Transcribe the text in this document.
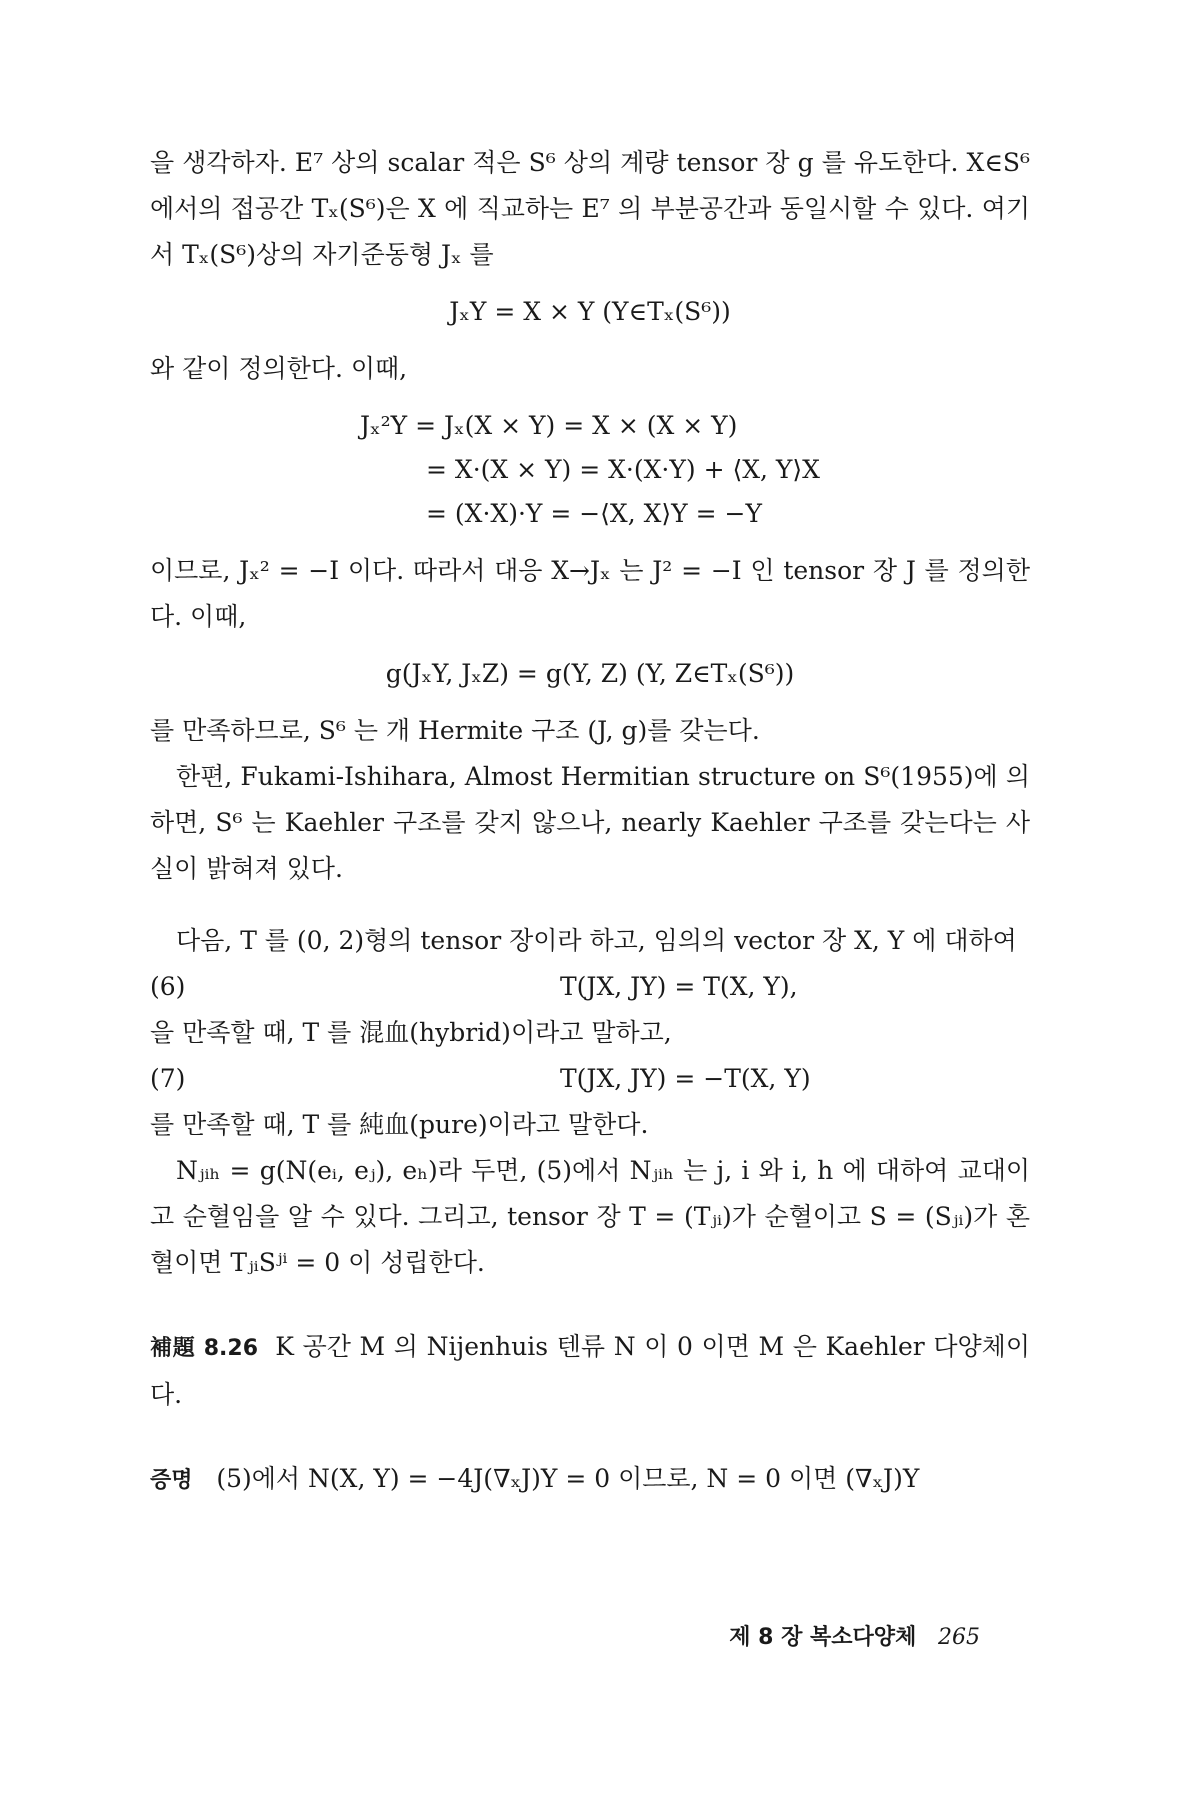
을 생각하자. E⁷ 상의 scalar 적은 S⁶ 상의 계량 tensor 장 g 를 유도한다. X∈S⁶ 에서의 접공간 Tₓ(S⁶)은 X 에 직교하는 E⁷ 의 부분공간과 동일시할 수 있다. 여기서 Tₓ(S⁶)상의 자기준동형 Jₓ 를

JₓY = X × Y (Y∈Tₓ(S⁶))

와 같이 정의한다. 이때,

Jₓ²Y = Jₓ(X × Y) = X × (X × Y)
= X·(X × Y) = X·(X·Y) + ⟨X, Y⟩X
= (X·X)·Y = −⟨X, X⟩Y = −Y

이므로, Jₓ² = −I 이다. 따라서 대응 X→Jₓ 는 J² = −I 인 tensor 장 J 를 정의한다. 이때,

g(JₓY, JₓZ) = g(Y, Z) (Y, Z∈Tₓ(S⁶))

를 만족하므로, S⁶ 는 개 Hermite 구조 (J, g)를 갖는다.

한편, Fukami-Ishihara, Almost Hermitian structure on S⁶(1955)에 의하면, S⁶ 는 Kaehler 구조를 갖지 않으나, nearly Kaehler 구조를 갖는다는 사실이 밝혀져 있다.

다음, T 를 (0, 2)형의 tensor 장이라 하고, 임의의 vector 장 X, Y 에 대하여

(6)	T(JX, JY) = T(X, Y),

을 만족할 때, T 를 混血(hybrid)이라고 말하고,

(7)	T(JX, JY) = −T(X, Y)

를 만족할 때, T 를 純血(pure)이라고 말한다.

Nⱼᵢₕ = g(N(eᵢ, eⱼ), eₕ)라 두면, (5)에서 Nⱼᵢₕ 는 j, i 와 i, h 에 대하여 교대이고 순혈임을 알 수 있다. 그리고, tensor 장 T = (Tⱼᵢ)가 순혈이고 S = (Sⱼᵢ)가 혼혈이면 TⱼᵢSʲⁱ = 0 이 성립한다.

補題 8.26 K 공간 M 의 Nijenhuis 텐류 N 이 0 이면 M 은 Kaehler 다양체이다.

증명 (5)에서 N(X, Y) = −4J(∇ₓJ)Y = 0 이므로, N = 0 이면 (∇ₓJ)Y

제 8 장 복소다양체 265
